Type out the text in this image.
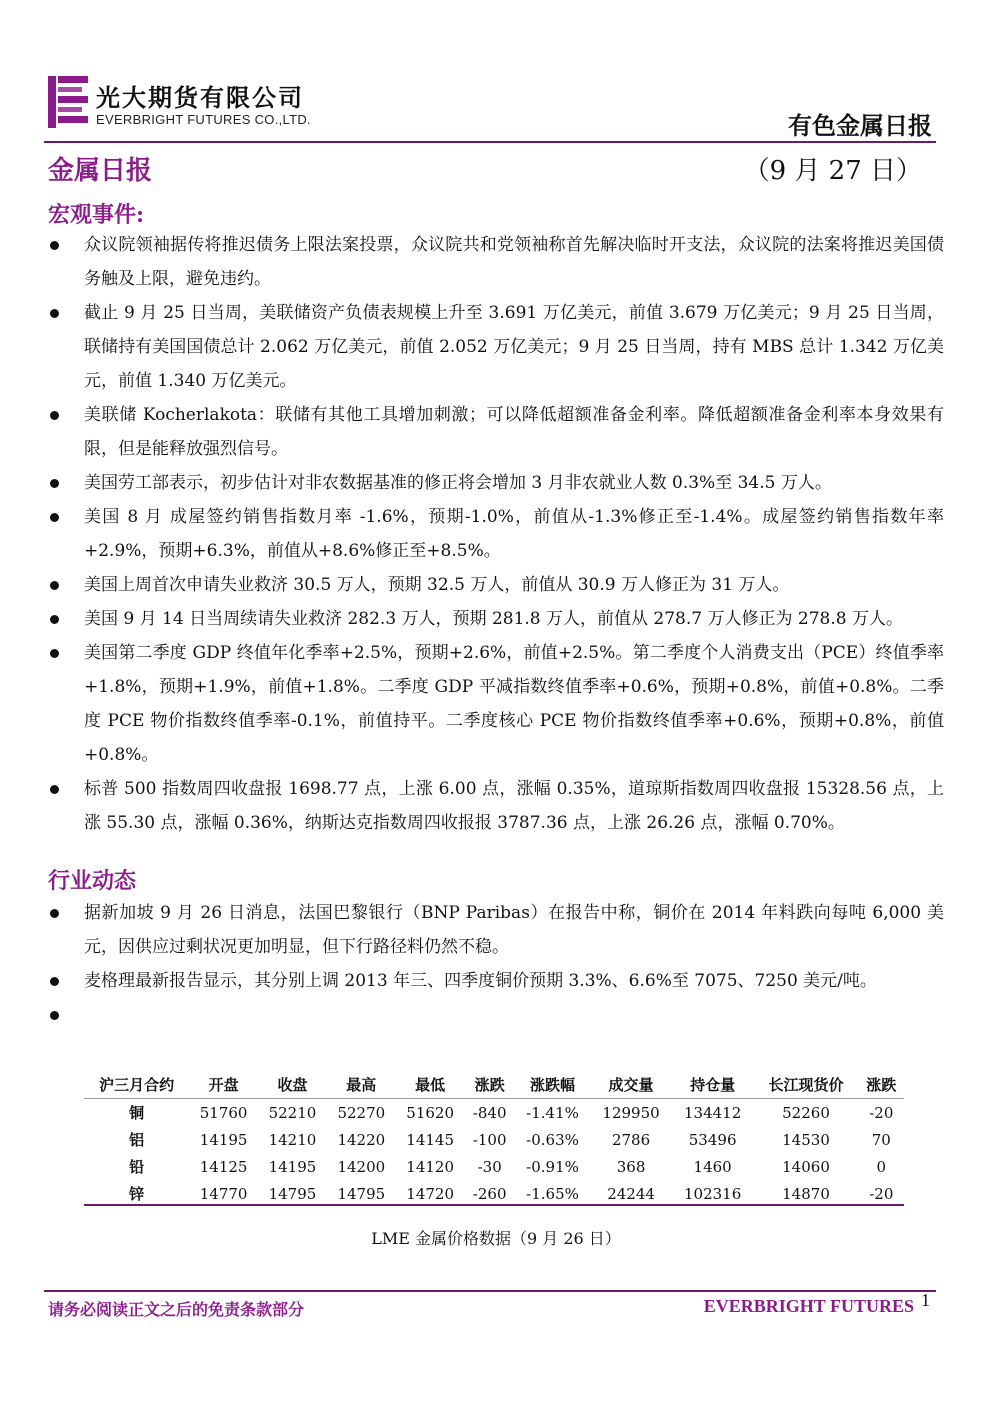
光大期货有限公司
EVERBRIGHT FUTURES CO.,LTD.	有色金属日报
金属日报	（9 月 27 日）
宏观事件:
众议院领袖据传将推迟债务上限法案投票，众议院共和党领袖称首先解决临时开支法，众议院的法案将推迟美国债务触及上限，避免违约。
截止 9 月 25 日当周，美联储资产负债表规模上升至 3.691 万亿美元，前值 3.679 万亿美元；9 月 25 日当周，联储持有美国国债总计 2.062 万亿美元，前值 2.052 万亿美元；9 月 25 日当周，持有 MBS 总计 1.342 万亿美元，前值 1.340 万亿美元。
美联储 Kocherlakota：联储有其他工具增加刺激；可以降低超额准备金利率。降低超额准备金利率本身效果有限，但是能释放强烈信号。
美国劳工部表示，初步估计对非农数据基准的修正将会增加 3 月非农就业人数 0.3%至 34.5 万人。
美国 8 月 成屋签约销售指数月率 -1.6%，预期-1.0%，前值从-1.3%修正至-1.4%。成屋签约销售指数年率 +2.9%，预期+6.3%，前值从+8.6%修正至+8.5%。
美国上周首次申请失业救济 30.5 万人，预期 32.5 万人，前值从 30.9 万人修正为 31 万人。
美国 9 月 14 日当周续请失业救济 282.3 万人，预期 281.8 万人，前值从 278.7 万人修正为 278.8 万人。
美国第二季度 GDP 终值年化季率+2.5%，预期+2.6%，前值+2.5%。第二季度个人消费支出（PCE）终值季率+1.8%，预期+1.9%，前值+1.8%。二季度 GDP 平减指数终值季率+0.6%，预期+0.8%，前值+0.8%。二季度 PCE 物价指数终值季率-0.1%，前值持平。二季度核心 PCE 物价指数终值季率+0.6%，预期+0.8%，前值+0.8%。
标普 500 指数周四收盘报 1698.77 点，上涨 6.00 点，涨幅 0.35%，道琼斯指数周四收盘报 15328.56 点，上涨 55.30 点，涨幅 0.36%，纳斯达克指数周四收报报 3787.36 点，上涨 26.26 点，涨幅 0.70%。
行业动态
据新加坡 9 月 26 日消息，法国巴黎银行（BNP Paribas）在报告中称，铜价在 2014 年料跌向每吨 6,000 美元，因供应过剩状况更加明显，但下行路径料仍然不稳。
麦格理最新报告显示，其分别上调 2013 年三、四季度铜价预期 3.3%、6.6%至 7075、7250 美元/吨。

沪三月合约	开盘	收盘	最高	最低	涨跌	涨跌幅	成交量	持仓量	长江现货价	涨跌
铜	51760	52210	52270	51620	-840	-1.41%	129950	134412	52260	-20
铝	14195	14210	14220	14145	-100	-0.63%	2786	53496	14530	70
铅	14125	14195	14200	14120	-30	-0.91%	368	1460	14060	0
锌	14770	14795	14795	14720	-260	-1.65%	24244	102316	14870	-20
LME 金属价格数据（9 月 26 日）
请务必阅读正文之后的免责条款部分	EVERBRIGHT FUTURES 1
